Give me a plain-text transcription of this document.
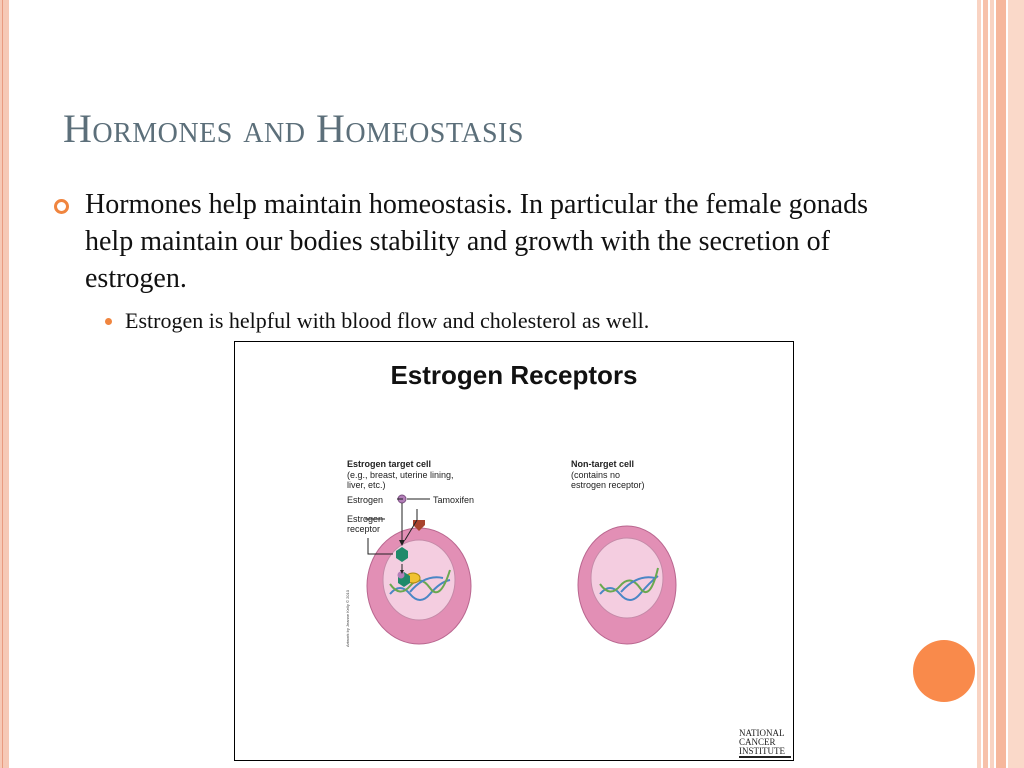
Hormones and Homeostasis
Hormones help maintain homeostasis. In particular the female gonads help maintain our bodies stability and growth with the secretion of estrogen.
Estrogen is helpful with blood flow and cholesterol as well.
Estrogen Receptors
Estrogen target cell
(e.g., breast, uterine lining,
liver, etc.)
Estrogen	Tamoxifen
Estrogen
receptor
Non-target cell
(contains no
estrogen receptor)
Artwork by Jeanne Kelly © 2010
NATIONAL
CANCER
INSTITUTE
